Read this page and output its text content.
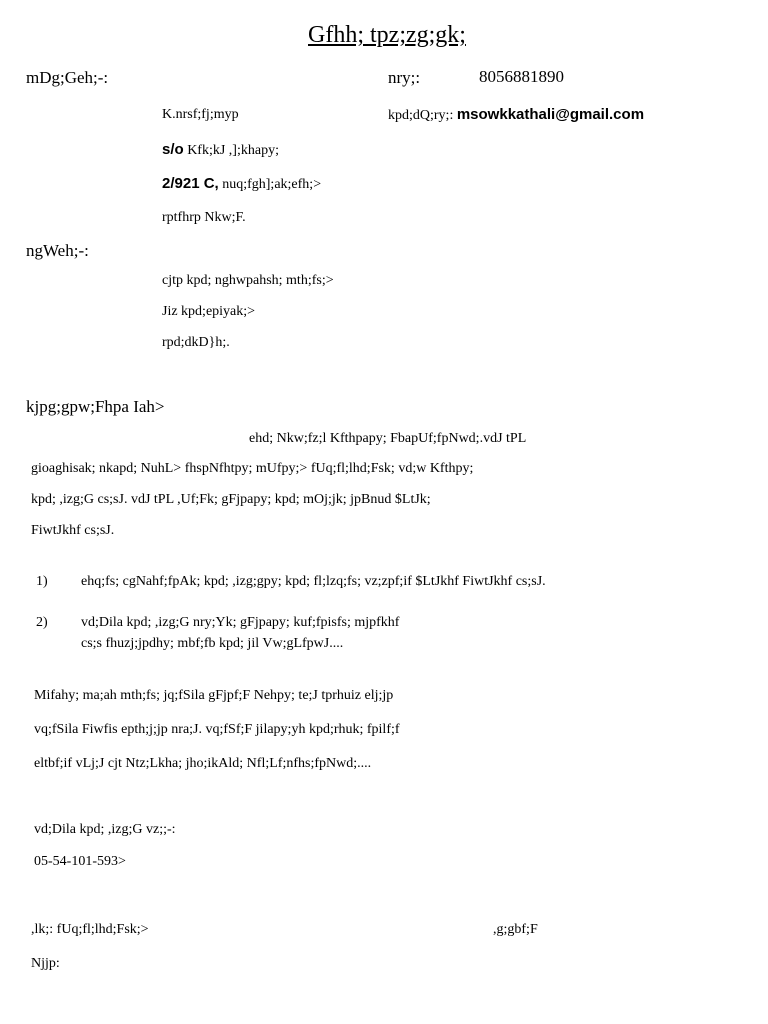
Gfhh; tpz;zg;gk;
mDg;Geh;-:	nry;:	8056881890
K.nrsf;fj;myp	kpd;dQ;ry;: msowkkathali@gmail.com
s/o Kfk;kJ ,];khapy;
2/921 C, nuq;fgh];ak;efh;>
rptfhrp Nkw;F.
ngWeh;-:
cjtp kpd; nghwpahsh; mth;fs;>
Jiz kpd;epiyak;>
rpd;dkD}h;.
kjpg;gpw;Fhpa Iah>
ehd; Nkw;fz;l Kfthpapy; FbapUf;fpNwd;.vdJ tPL
gioaghisak; nkapd; NuhL> fhspNfhtpy; mUfpy;> fUq;fl;lhd;Fsk; vd;w Kfthpy;
kpd; ,izg;G cs;sJ. vdJ tPL ,Uf;Fk; gFjpapy; kpd; mOj;jk; jpBnud $LtJk;
FiwtJkhf cs;sJ.
1) ehq;fs; cgNahf;fpAk; kpd; ,izg;gpy; kpd; fl;lzq;fs; vz;zpf;if $LtJkhf FiwtJkhf cs;sJ.
2) vd;Dila kpd; ,izg;G nry;Yk; gFjpapy; kuf;fpisfs; mjpfkhf
cs;s fhuzj;jpdhy; mbf;fb kpd; jil Vw;gLfpwJ....
Mifahy; ma;ah mth;fs; jq;fSila gFjpf;F Nehpy; te;J tprhuiz elj;jp
vq;fSila Fiwfis epth;j;jp nra;J. vq;fSf;F jilapy;yh kpd;rhuk; fpilf;f
eltbf;if vLj;J cjt Ntz;Lkha; jho;ikAld; Nfl;Lf;nfhs;fpNwd;....
vd;Dila kpd; ,izg;G vz;;-:
05-54-101-593>
,lk;: fUq;fl;lhd;Fsk;>	,g;gbf;F
Njjp:
